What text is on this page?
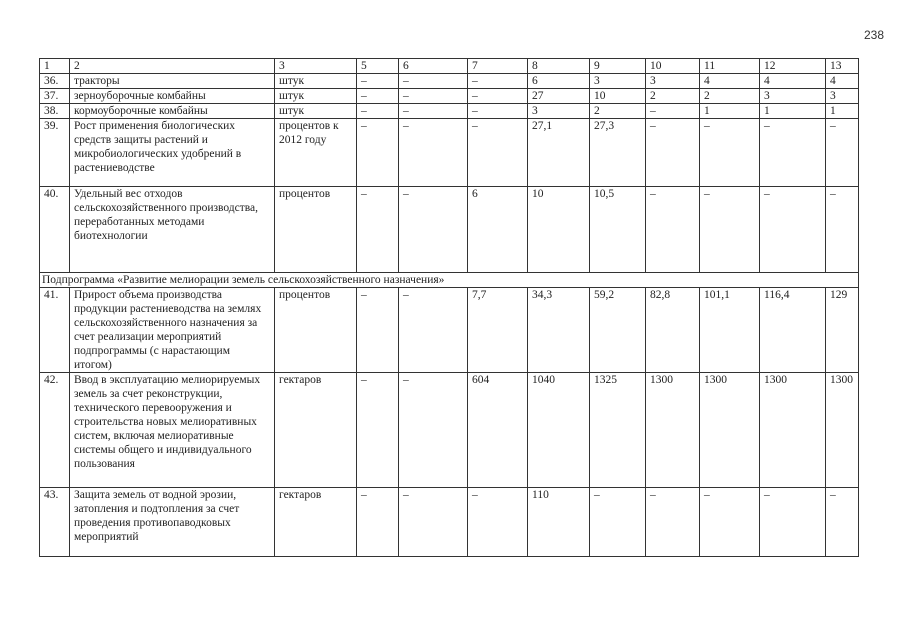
238
1	2	3	5	6	7	8	9	10	11	12	13
36.	тракторы	штук	–	–	–	6	3	3	4	4	4
37.	зерноуборочные комбайны	штук	–	–	–	27	10	2	2	3	3
38.	кормоуборочные комбайны	штук	–	–	–	3	2	–	1	1	1
39.	Рост применения биологических средств защиты растений и микробиологических удобрений в растениеводстве	процентов к 2012 году	–	–	–	27,1	27,3	–	–	–	–
40.	Удельный вес отходов сельскохозяйственного производства, переработанных методами биотехнологии	процентов	–	–	6	10	10,5	–	–	–	–
Подпрограмма «Развитие мелиорации земель сельскохозяйственного назначения»											
41.	Прирост объема производства продукции растениеводства на землях сельскохозяйственного назначения за счет реализации мероприятий подпрограммы (с нарастающим итогом)	процентов	–	–	7,7	34,3	59,2	82,8	101,1	116,4	129
42.	Ввод в эксплуатацию мелиорируемых земель за счет реконструкции, технического перевооружения и строительства новых мелиоративных систем, включая мелиоративные системы общего и индивидуального пользования	гектаров	–	–	604	1040	1325	1300	1300	1300	1300
43.	Защита земель от водной эрозии, затопления и подтопления за счет проведения противопаводковых мероприятий	гектаров	–	–	–	110	–	–	–	–	–
